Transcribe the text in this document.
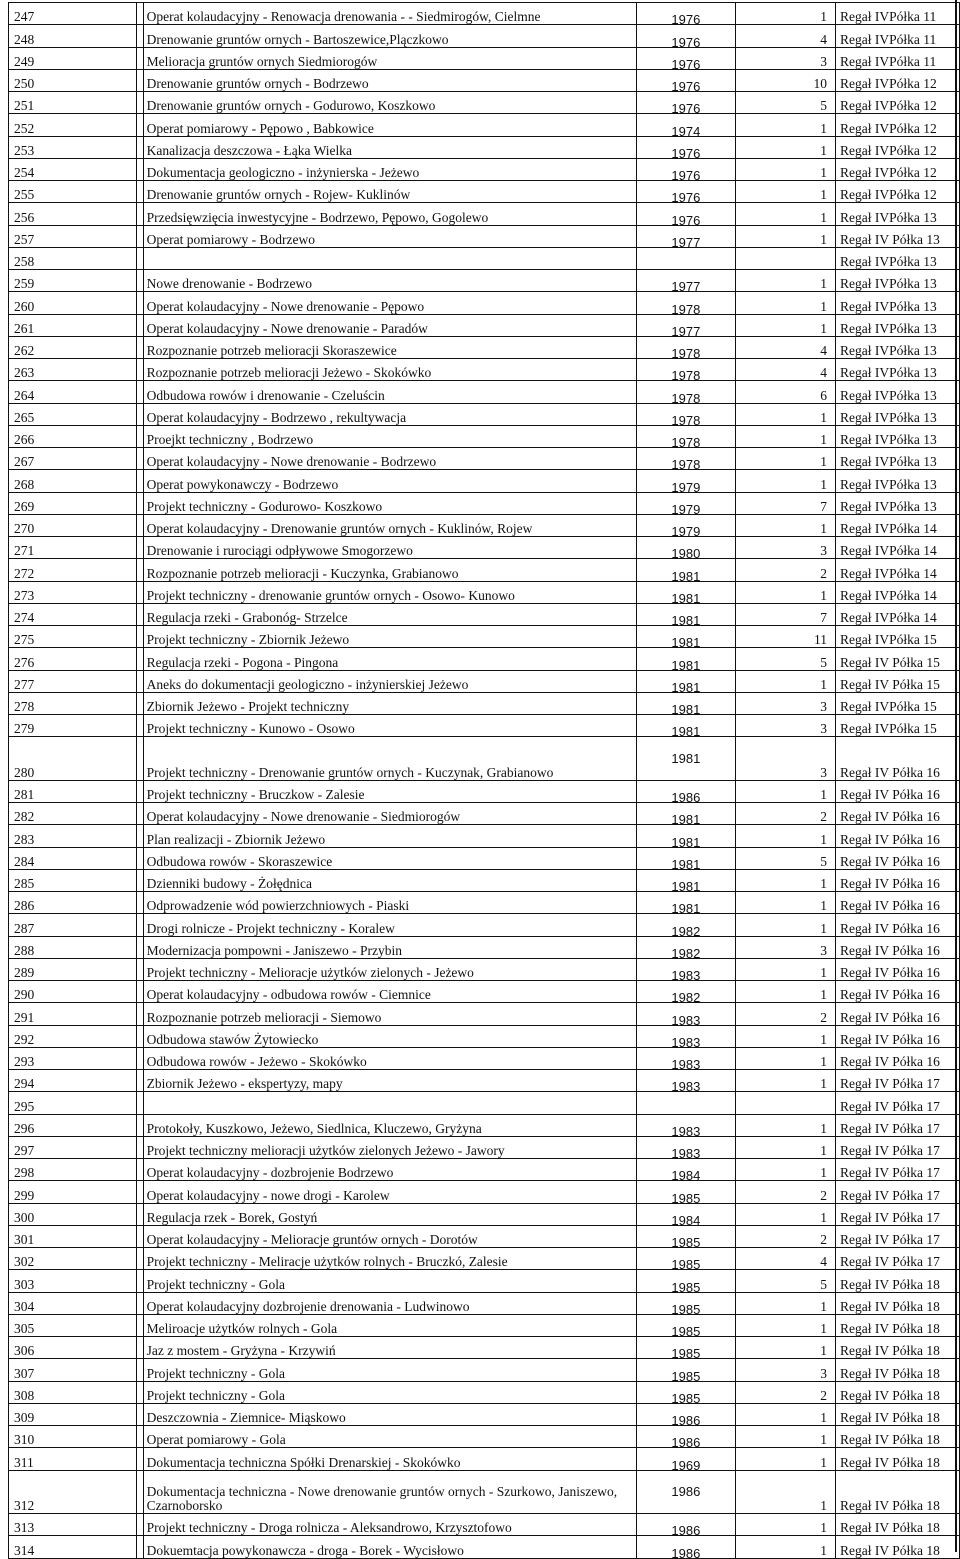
247		Operat kolaudacyjny - Renowacja drenowania - - Siedmirogów, Cielmne	1976	1	Regał IVPółka 11
248		Drenowanie gruntów ornych - Bartoszewice,Plączkowo	1976	4	Regał IVPółka 11
249		Melioracja gruntów ornych Siedmiorogów	1976	3	Regał IVPółka 11
250		Drenowanie gruntów ornych - Bodrzewo	1976	10	Regał IVPółka 12
251		Drenowanie gruntów ornych - Godurowo, Koszkowo	1976	5	Regał IVPółka 12
252		Operat pomiarowy - Pępowo , Babkowice	1974	1	Regał IVPółka 12
253		Kanalizacja deszczowa - Łąka Wielka	1976	1	Regał IVPółka 12
254		Dokumentacja geologiczno - inżynierska - Jeżewo	1976	1	Regał IVPółka 12
255		Drenowanie gruntów ornych - Rojew- Kuklinów	1976	1	Regał IVPółka 12
256		Przedsięwzięcia inwestycyjne - Bodrzewo, Pępowo, Gogolewo	1976	1	Regał IVPółka 13
257		Operat pomiarowy - Bodrzewo	1977	1	Regał IV Półka 13
258					Regał IVPółka 13
259		Nowe drenowanie - Bodrzewo	1977	1	Regał IVPółka 13
260		Operat kolaudacyjny - Nowe drenowanie - Pępowo	1978	1	Regał IVPółka 13
261		Operat kolaudacyjny - Nowe drenowanie - Paradów	1977	1	Regał IVPółka 13
262		Rozpoznanie potrzeb melioracji Skoraszewice	1978	4	Regał IVPółka 13
263		Rozpoznanie potrzeb melioracji Jeżewo - Skokówko	1978	4	Regał IVPółka 13
264		Odbudowa rowów i drenowanie - Czeluścin	1978	6	Regał IVPółka 13
265		Operat kolaudacyjny - Bodrzewo , rekultywacja	1978	1	Regał IVPółka 13
266		Proejkt techniczny , Bodrzewo	1978	1	Regał IVPółka 13
267		Operat kolaudacyjny - Nowe drenowanie - Bodrzewo	1978	1	Regał IVPółka 13
268		Operat powykonawczy - Bodrzewo	1979	1	Regał IVPółka 13
269		Projekt techniczny - Godurowo- Koszkowo	1979	7	Regał IVPółka 13
270		Operat kolaudacyjny - Drenowanie gruntów ornych - Kuklinów, Rojew	1979	1	Regał IVPółka 14
271		Drenowanie i rurociągi odpływowe Smogorzewo	1980	3	Regał IVPółka 14
272		Rozpoznanie potrzeb melioracji - Kuczynka, Grabianowo	1981	2	Regał IVPółka 14
273		Projekt techniczny - drenowanie gruntów ornych - Osowo- Kunowo	1981	1	Regał IVPółka 14
274		Regulacja rzeki - Grabonóg- Strzelce	1981	7	Regał IVPółka 14
275		Projekt techniczny - Zbiornik Jeżewo	1981	11	Regał IVPółka 15
276		Regulacja rzeki - Pogona - Pingona	1981	5	Regał IV Półka 15
277		Aneks do dokumentacji geologiczno - inżynierskiej Jeżewo	1981	1	Regał IV Półka 15
278		Zbiornik Jeżewo - Projekt techniczny	1981	3	Regał IVPółka 15
279		Projekt techniczny - Kunowo - Osowo	1981	3	Regał IVPółka 15
280		Projekt techniczny - Drenowanie gruntów ornych - Kuczynak, Grabianowo	1981	3	Regał IV Półka 16
281		Projekt techniczny - Bruczkow - Zalesie	1986	1	Regał IV Półka 16
282		Operat kolaudacyjny - Nowe drenowanie - Siedmiorogów	1981	2	Regał IV Półka 16
283		Plan realizacji - Zbiornik Jeżewo	1981	1	Regał IV Półka 16
284		Odbudowa rowów - Skoraszewice	1981	5	Regał IV Półka 16
285		Dzienniki budowy - Żołędnica	1981	1	Regał IV Półka 16
286		Odprowadzenie wód powierzchniowych - Piaski	1981	1	Regał IV Półka 16
287		Drogi rolnicze - Projekt techniczny - Koralew	1982	1	Regał IV Półka 16
288		Modernizacja pompowni - Janiszewo - Przybin	1982	3	Regał IV Półka 16
289		Projekt techniczny - Melioracje użytków zielonych - Jeżewo	1983	1	Regał IV Półka 16
290		Operat kolaudacyjny - odbudowa rowów - Ciemnice	1982	1	Regał IV Półka 16
291		Rozpoznanie potrzeb melioracji - Siemowo	1983	2	Regał IV Półka 16
292		Odbudowa stawów Żytowiecko	1983	1	Regał IV Półka 16
293		Odbudowa rowów - Jeżewo - Skokówko	1983	1	Regał IV Półka 16
294		Zbiornik Jeżewo - ekspertyzy, mapy	1983	1	Regał IV Półka 17
295					Regał IV Półka 17
296		Protokoły, Kuszkowo, Jeżewo, Siedlnica, Kluczewo, Gryżyna	1983	1	Regał IV Półka 17
297		Projekt techniczny melioracji użytków zielonych Jeżewo - Jawory	1983	1	Regał IV Półka 17
298		Operat kolaudacyjny - dozbrojenie Bodrzewo	1984	1	Regał IV Półka 17
299		Operat kolaudacyjny - nowe drogi - Karolew	1985	2	Regał IV Półka 17
300		Regulacja rzek - Borek, Gostyń	1984	1	Regał IV Półka 17
301		Operat kolaudacyjny - Melioracje gruntów ornych - Dorotów	1985	2	Regał IV Półka 17
302		Projekt techniczny - Meliracje użytków rolnych - Bruczkó, Zalesie	1985	4	Regał IV Półka 17
303		Projekt techniczny - Gola	1985	5	Regał IV Półka 18
304		Operat kolaudacyjny dozbrojenie drenowania - Ludwinowo	1985	1	Regał IV Półka 18
305		Meliroacje użytków rolnych - Gola	1985	1	Regał IV Półka 18
306		Jaz z mostem - Gryżyna - Krzywiń	1985	1	Regał IV Półka 18
307		Projekt techniczny - Gola	1985	3	Regał IV Półka 18
308		Projekt techniczny - Gola	1985	2	Regał IV Półka 18
309		Deszczownia - Ziemnice- Miąskowo	1986	1	Regał IV Półka 18
310		Operat pomiarowy - Gola	1986	1	Regał IV Półka 18
311		Dokumentacja techniczna Spółki Drenarskiej - Skokówko	1969	1	Regał IV Półka 18
312		Dokumentacja techniczna - Nowe drenowanie gruntów ornych - Szurkowo, Janiszewo, Czarnoborsko	1986	1	Regał IV Półka 18
313		Projekt techniczny - Droga rolnicza - Aleksandrowo, Krzysztofowo	1986	1	Regał IV Półka 18
314		Dokuemtacja powykonawcza - droga - Borek - Wycisłowo	1986	1	Regał IV Półka 18
